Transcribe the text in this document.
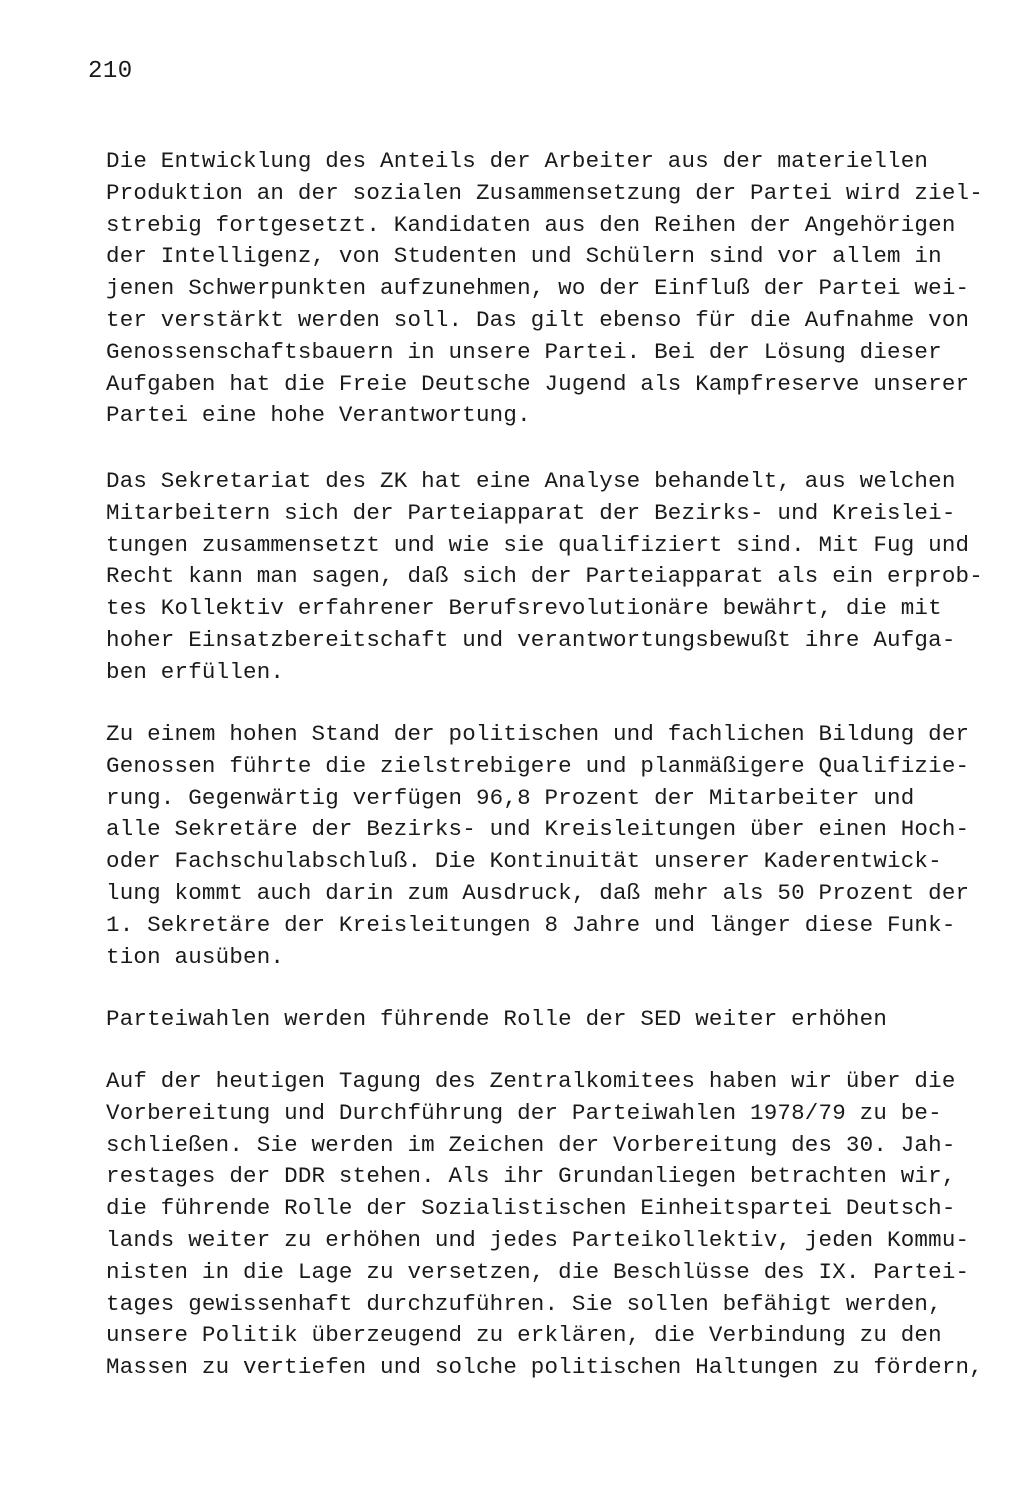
210

Die Entwicklung des Anteils der Arbeiter aus der materiellen
Produktion an der sozialen Zusammensetzung der Partei wird ziel-
strebig fortgesetzt. Kandidaten aus den Reihen der Angehörigen
der Intelligenz, von Studenten und Schülern sind vor allem in
jenen Schwerpunkten aufzunehmen, wo der Einfluß der Partei wei-
ter verstärkt werden soll. Das gilt ebenso für die Aufnahme von
Genossenschaftsbauern in unsere Partei. Bei der Lösung dieser
Aufgaben hat die Freie Deutsche Jugend als Kampfreserve unserer
Partei eine hohe Verantwortung.

Das Sekretariat des ZK hat eine Analyse behandelt, aus welchen
Mitarbeitern sich der Parteiapparat der Bezirks- und Kreislei-
tungen zusammensetzt und wie sie qualifiziert sind. Mit Fug und
Recht kann man sagen, daß sich der Parteiapparat als ein erprob-
tes Kollektiv erfahrener Berufsrevolutionäre bewährt, die mit
hoher Einsatzbereitschaft und verantwortungsbewußt ihre Aufga-
ben erfüllen.

Zu einem hohen Stand der politischen und fachlichen Bildung der
Genossen führte die zielstrebigere und planmäßigere Qualifizie-
rung. Gegenwärtig verfügen 96,8 Prozent der Mitarbeiter und
alle Sekretäre der Bezirks- und Kreisleitungen über einen Hoch-
oder Fachschulabschluß. Die Kontinuität unserer Kaderentwick-
lung kommt auch darin zum Ausdruck, daß mehr als 50 Prozent der
1. Sekretäre der Kreisleitungen 8 Jahre und länger diese Funk-
tion ausüben.

Parteiwahlen werden führende Rolle der SED weiter erhöhen

Auf der heutigen Tagung des Zentralkomitees haben wir über die
Vorbereitung und Durchführung der Parteiwahlen 1978/79 zu be-
schließen. Sie werden im Zeichen der Vorbereitung des 30. Jah-
restages der DDR stehen. Als ihr Grundanliegen betrachten wir,
die führende Rolle der Sozialistischen Einheitspartei Deutsch-
lands weiter zu erhöhen und jedes Parteikollektiv, jeden Kommu-
nisten in die Lage zu versetzen, die Beschlüsse des IX. Partei-
tages gewissenhaft durchzuführen. Sie sollen befähigt werden,
unsere Politik überzeugend zu erklären, die Verbindung zu den
Massen zu vertiefen und solche politischen Haltungen zu fördern,
